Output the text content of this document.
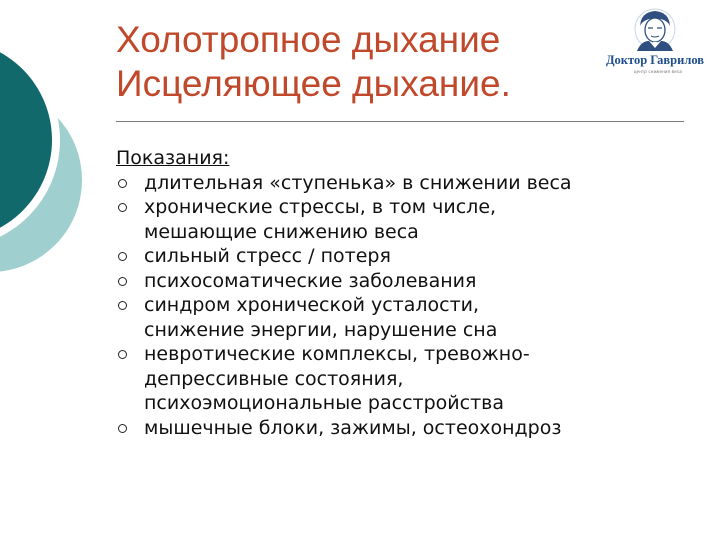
Холотропное дыхание
Исцеляющее дыхание.
Доктор Гаврилов
центр снижения веса
Показания:
длительная «ступенька» в снижении веса
хронические стрессы, в том числе,
мешающие снижению веса
сильный стресс / потеря
психосоматические заболевания
синдром хронической усталости,
снижение энергии, нарушение сна
невротические комплексы, тревожно-
депрессивные состояния,
психоэмоциональные расстройства
мышечные блоки, зажимы, остеохондроз
